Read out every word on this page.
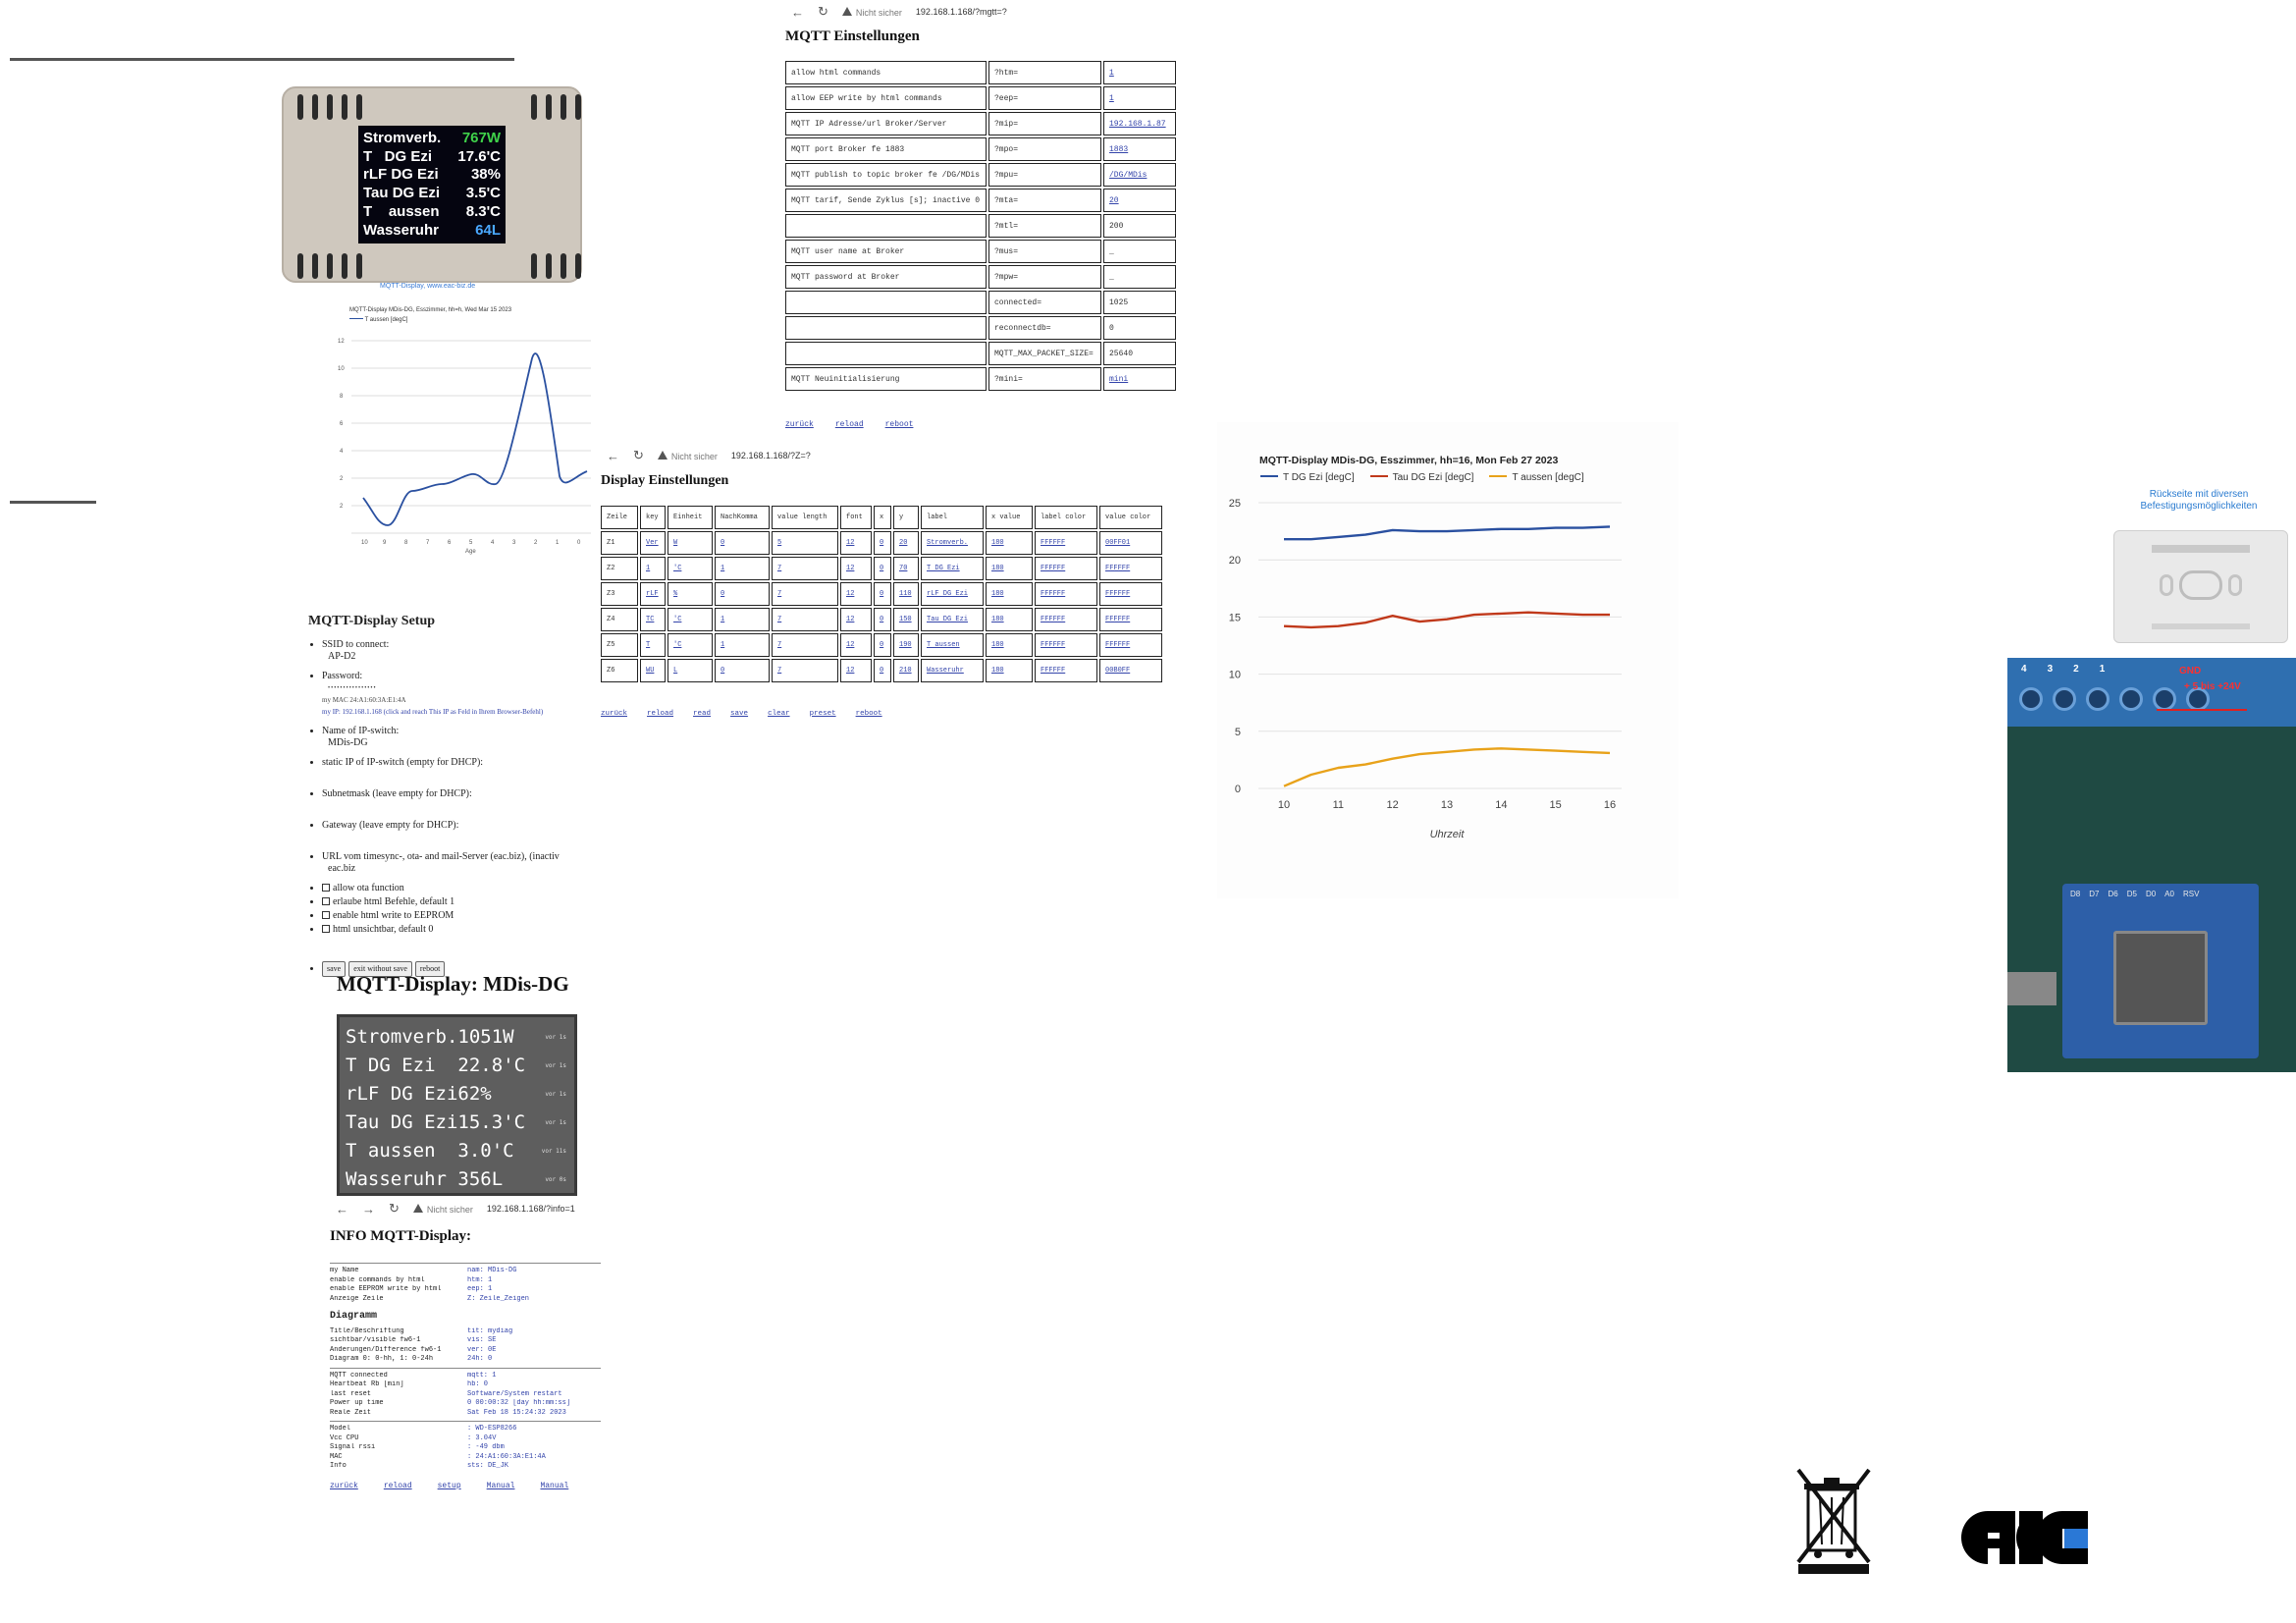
Stromverb. 767W
T   DG Ezi 17.6'C
rLF DG Ezi 38%
Tau DG Ezi 3.5'C
T    aussen 8.3'C
Wasseruhr 64L
MQTT-Display, www.eac-biz.de
MQTT-Display MDis-DG, Esszimmer, hh=h, Wed Mar 15 2023
T aussen [degC]
12
10
8
6
4
2
2
10	9	8	7	6	5	4	3	2	1	0
Age
← ↻	Nicht sicher 192.168.1.168/?mgtt=?
MQTT Einstellungen
allow html commands	?htm=	1
allow EEP write by html commands	?eep=	1
MQTT IP Adresse/url Broker/Server	?mip=	192.168.1.87
MQTT port Broker fe 1883	?mpo=	1883
MQTT publish to topic broker fe /DG/MDis	?mpu=	/DG/MDis
MQTT tarif, Sende Zyklus [s]; inactive 0	?mta=	20
	?mtl=	200
MQTT user name at Broker	?mus=	_
MQTT password at Broker	?mpw=	_
	connected=	1025
	reconnectdb=	0
	MQTT_MAX_PACKET_SIZE=	25640
MQTT Neuinitialisierung	?mini=	mini
zurück	reload	reboot
← ↻	Nicht sicher 192.168.1.168/?Z=?
Display Einstellungen
Zeile	key	Einheit	NachKomma	value length	font	x	y	label	x value	label color	value color
Z1	Ver	W	0	5	12	0	20	Stromverb.	180	FFFFFF	00FF01
Z2	1	'C	1	7	12	0	70	T DG Ezi	180	FFFFFF	FFFFFF
Z3	rLF	%	0	7	12	0	110	rLF DG Ezi	180	FFFFFF	FFFFFF
Z4	TC	'C	1	7	12	0	150	Tau DG Ezi	180	FFFFFF	FFFFFF
Z5	T	'C	1	7	12	0	190	T aussen	180	FFFFFF	FFFFFF
Z6	WU	L	0	7	12	0	210	Wasseruhr	180	FFFFFF	00B0FF
zurück	reload	read	save	clear	preset	reboot
MQTT-Display MDis-DG, Esszimmer, hh=16, Mon Feb 27 2023
T DG Ezi [degC]	Tau DG Ezi [degC]	T aussen [degC]
0
5
10
15
20
25
10	11	12	13	14	15	16
Uhrzeit
MQTT-Display Setup
• SSID to connect:
AP-D2
• Password:
••••••••••••••••
my MAC 24:A1:60:3A:E1:4A
my IP: 192.168.1.168 (click and reach This IP as Feld in Ihrem Browser-Befehl)
• Name of IP-switch:
MDis-DG
• static IP of IP-switch (empty for DHCP):

• Subnetmask (leave empty for DHCP):

• Gateway (leave empty for DHCP):

• URL vom timesync-, ota- and mail-Server (eac.biz), (inactiv
eac.biz
• allow ota function
• erlaube html Befehle, default 1
• enable html write to EEPROM
• html unsichtbar, default 0
• save exit without save reboot
MQTT-Display: MDis-DG
Stromverb.1051W	vor 1s
T DG Ezi  22.8'C	vor 1s
rLF DG Ezi62%	vor 1s
Tau DG Ezi15.3'C	vor 1s
T aussen  3.0'C	vor 11s
Wasseruhr 356L	vor 0s
← → ↻	Nicht sicher 192.168.1.168/?info=1
INFO MQTT-Display:
my Name	nam: MDis-DG
enable commands by html	htm: 1
enable EEPROM write by html	eep: 1
Anzeige Zeile	Z: Zeile_Zeigen
Diagramm
Title/Beschriftung	tit: mydiag
sichtbar/visible fw6-1	vis: SE
Änderungen/Difference fw6-1	ver: 0E
Diagram 0: 0-hh, 1: 0-24h	24h: 0
MQTT connected	mqtt: 1
Heartbeat Rb [min]	hb: 0
last reset	Software/System restart
Power up time	0 00:00:32 [day hh:mm:ss]
Reale Zeit	Sat Feb 18 15:24:32 2023
Model	: WD-ESP8266
Vcc CPU	: 3.04V
Signal rssi	: -49 dbm
MAC	: 24:A1:60:3A:E1:4A
Info	sts: DE_JK
zurück	reload	setup	Manual	Manual
Rückseite mit diversen
Befestigungsmöglichkeiten
4 3 2 1	GND
+ 5 bis +24V
D8 D7 D6 D5 D0 A0 RSV
